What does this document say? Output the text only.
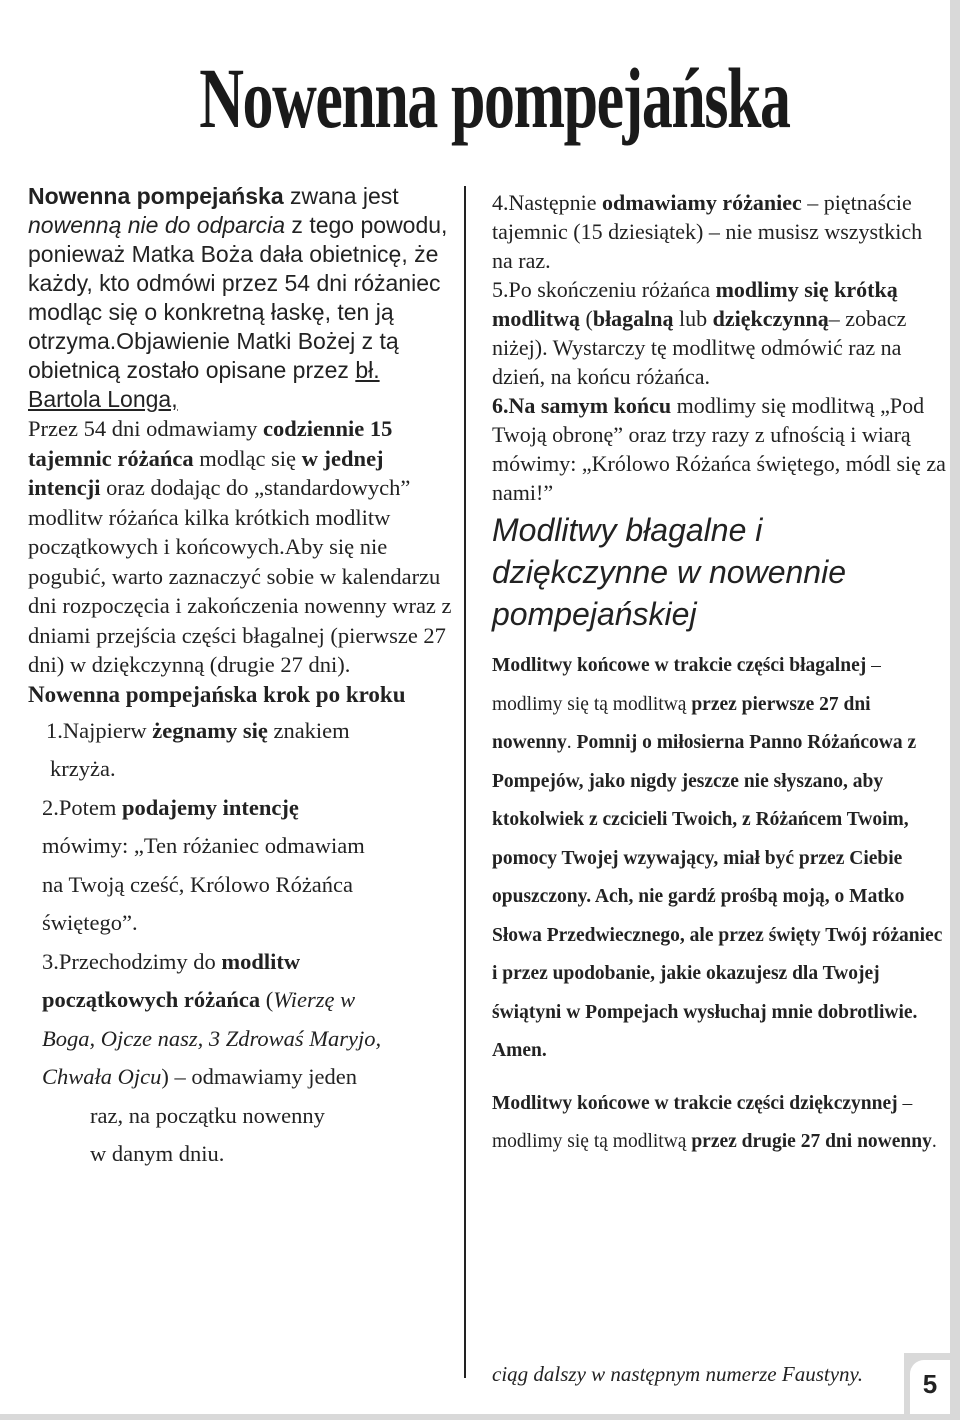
Nowenna pompejańska

Nowenna pompejańska zwana jest nowenną nie do odparcia z tego powodu, ponieważ Matka Boża dała obietnicę, że każdy, kto odmówi przez 54 dni różaniec modląc się o konkretną łaskę, ten ją otrzyma.Objawienie Matki Bożej z tą obietnicą zostało opisane przez bł. Bartola Longa,

Przez 54 dni odmawiamy codziennie 15 tajemnic różańca modląc się w jednej intencji oraz dodając do „standardowych” modlitw różańca kilka krótkich modlitw początkowych i końcowych.Aby się nie pogubić, warto zaznaczyć sobie w kalendarzu dni rozpoczęcia i zakończenia nowenny wraz z dniami przejścia części błagalnej (pierwsze 27 dni) w dziękczynną (drugie 27 dni).

Nowenna pompejańska krok po kroku

1.Najpierw żegnamy się znakiem
krzyża.
2.Potem podajemy intencję
mówimy: „Ten różaniec odmawiam
na Twoją cześć, Królowo Różańca
świętego”.
3.Przechodzimy do modlitw
początkowych różańca (Wierzę w
Boga, Ojcze nasz, 3 Zdrowaś Maryjo,
Chwała Ojcu) – odmawiamy jeden
raz, na początku nowenny
w danym dniu.

4.Następnie odmawiamy różaniec – piętnaście tajemnic (15 dziesiątek) – nie musisz wszystkich na raz.

5.Po skończeniu różańca modlimy się krótką modlitwą (błagalną lub dziękczynną– zobacz niżej). Wystarczy tę modlitwę odmówić raz na dzień, na końcu różańca.

6.Na samym końcu modlimy się modlitwą „Pod Twoją obronę” oraz trzy razy z ufnością i wiarą mówimy: „Królowo Różańca świętego, módl się za nami!”

Modlitwy błagalne i dziękczynne w nowennie pompejańskiej

Modlitwy końcowe w trakcie części błagalnej – modlimy się tą modlitwą przez pierwsze 27 dni nowenny. Pomnij o miłosierna Panno Różańcowa z Pompejów, jako nigdy jeszcze nie słyszano, aby ktokolwiek z czcicieli Twoich, z Różańcem Twoim, pomocy Twojej wzywający, miał być przez Ciebie opuszczony. Ach, nie gardź prośbą moją, o Matko Słowa Przedwiecznego, ale przez święty Twój różaniec i przez upodobanie, jakie okazujesz dla Twojej świątyni w Pompejach wysłuchaj mnie dobrotliwie. Amen.

Modlitwy końcowe w trakcie części dziękczynnej – modlimy się tą modlitwą przez drugie 27 dni nowenny.

ciąg dalszy w następnym numerze Faustyny.	5
